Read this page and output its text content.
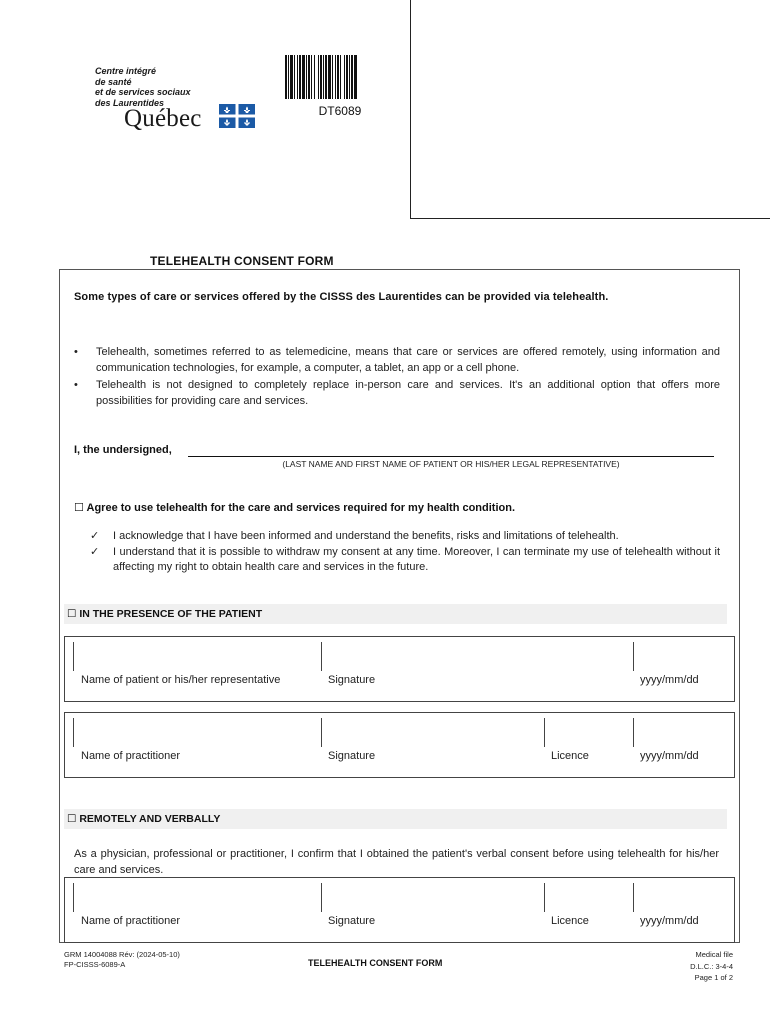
Centre intégré
de santé
et de services sociaux
des Laurentides
Québec	DT6089
TELEHEALTH CONSENT FORM
Some types of care or services offered by the CISSS des Laurentides can be provided via telehealth.
•	Telehealth, sometimes referred to as telemedicine, means that care or services are offered remotely, using information and communication technologies, for example, a computer, a tablet, an app or a cell phone.
•	Telehealth is not designed to completely replace in-person care and services. It's an additional option that offers more possibilities for providing care and services.
I, the undersigned,
(LAST NAME AND FIRST NAME OF PATIENT OR HIS/HER LEGAL REPRESENTATIVE)
☐ Agree to use telehealth for the care and services required for my health condition.
✓	I acknowledge that I have been informed and understand the benefits, risks and limitations of telehealth.
✓	I understand that it is possible to withdraw my consent at any time. Moreover, I can terminate my use of telehealth without it affecting my right to obtain health care and services in the future.
☐ IN THE PRESENCE OF THE PATIENT
Name of patient or his/her representative	Signature	yyyy/mm/dd
Name of practitioner	Signature	Licence	yyyy/mm/dd
☐ REMOTELY AND VERBALLY
As a physician, professional or practitioner, I confirm that I obtained the patient's verbal consent before using telehealth for his/her care and services.
Name of practitioner	Signature	Licence	yyyy/mm/dd
GRM 14004088 Rév: (2024-05-10)
FP-CISSS-6089-A	TELEHEALTH CONSENT FORM
Medical file
D.L.C.: 3-4-4
Page 1 of 2
